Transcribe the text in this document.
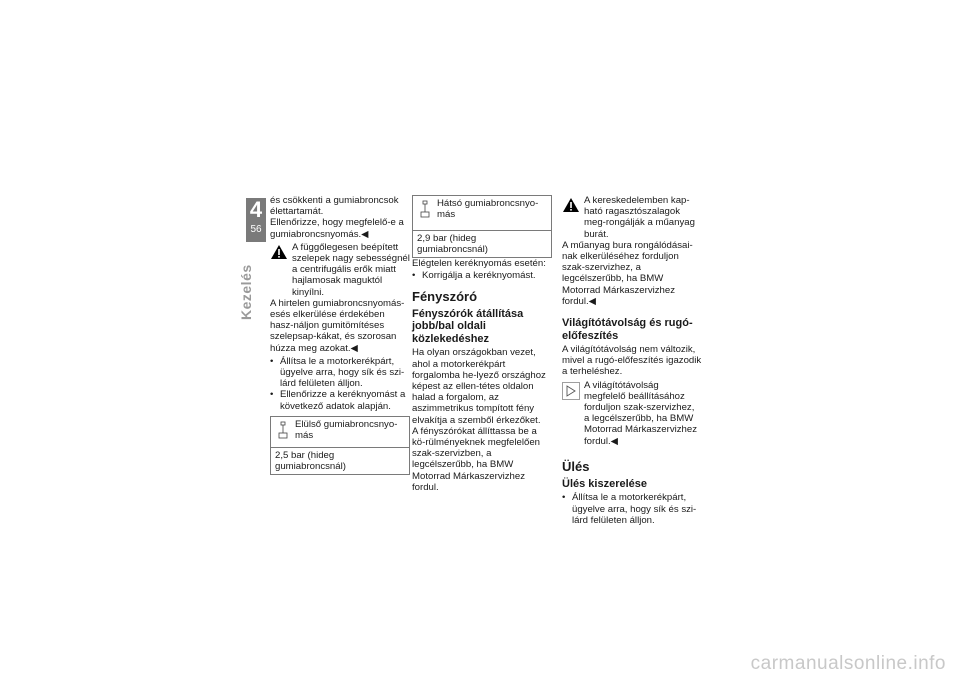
4
56
Kezelés

és csökkenti a gumiabroncsok élettartamát.

Ellenőrizze, hogy megfelelő-e a gumiabroncsnyomás.◀

A függőlegesen beépített szelepek nagy sebességnél a centrifugális erők miatt hajlamosak maguktól kinyílni.

A hirtelen gumiabroncsnyomás-esés elkerülése érdekében hasz-náljon gumitömítéses szelepsap-kákat, és szorosan húzza meg azokat.◀

• Állítsa le a motorkerékpárt, ügyelve arra, hogy sík és szi-lárd felületen álljon.
• Ellenőrizze a keréknyomást a következő adatok alapján.
Elülső gumiabroncsnyo-más
2,5 bar (hideg gumiabroncsnál)
Hátsó gumiabroncsnyo-más
2,9 bar (hideg gumiabroncsnál)

Elégtelen keréknyomás esetén:

• Korrigálja a keréknyomást.
Fényszóró
Fényszórók átállítása jobb/bal oldali közlekedéshez

Ha olyan országokban vezet, ahol a motorkerékpárt forgalomba he-lyező országhoz képest az ellen-tétes oldalon halad a forgalom, az aszimmetrikus tompított fény elvakítja a szemből érkezőket.

A fényszórókat állíttassa be a kö-rülményeknek megfelelően szak-szervizben, a legcélszerűbb, ha BMW Motorrad Márkaszervizhez fordul.

A kereskedelemben kap-ható ragasztószalagok meg-rongálják a műanyag burát.

A műanyag bura rongálódásai-nak elkerüléséhez forduljon szak-szervizhez, a legcélszerűbb, ha BMW Motorrad Márkaszervizhez fordul.◀

Világítótávolság és rugó-előfeszítés

A világítótávolság nem változik, mivel a rugó-előfeszítés igazodik a terheléshez.

A világítótávolság megfelelő beállításához forduljon szak-szervizhez, a legcélszerűbb, ha BMW Motorrad Márkaszervizhez fordul.◀

Ülés
Ülés kiszerelése
• Állítsa le a motorkerékpárt, ügyelve arra, hogy sík és szi-lárd felületen álljon.
carmanualsonline.info
